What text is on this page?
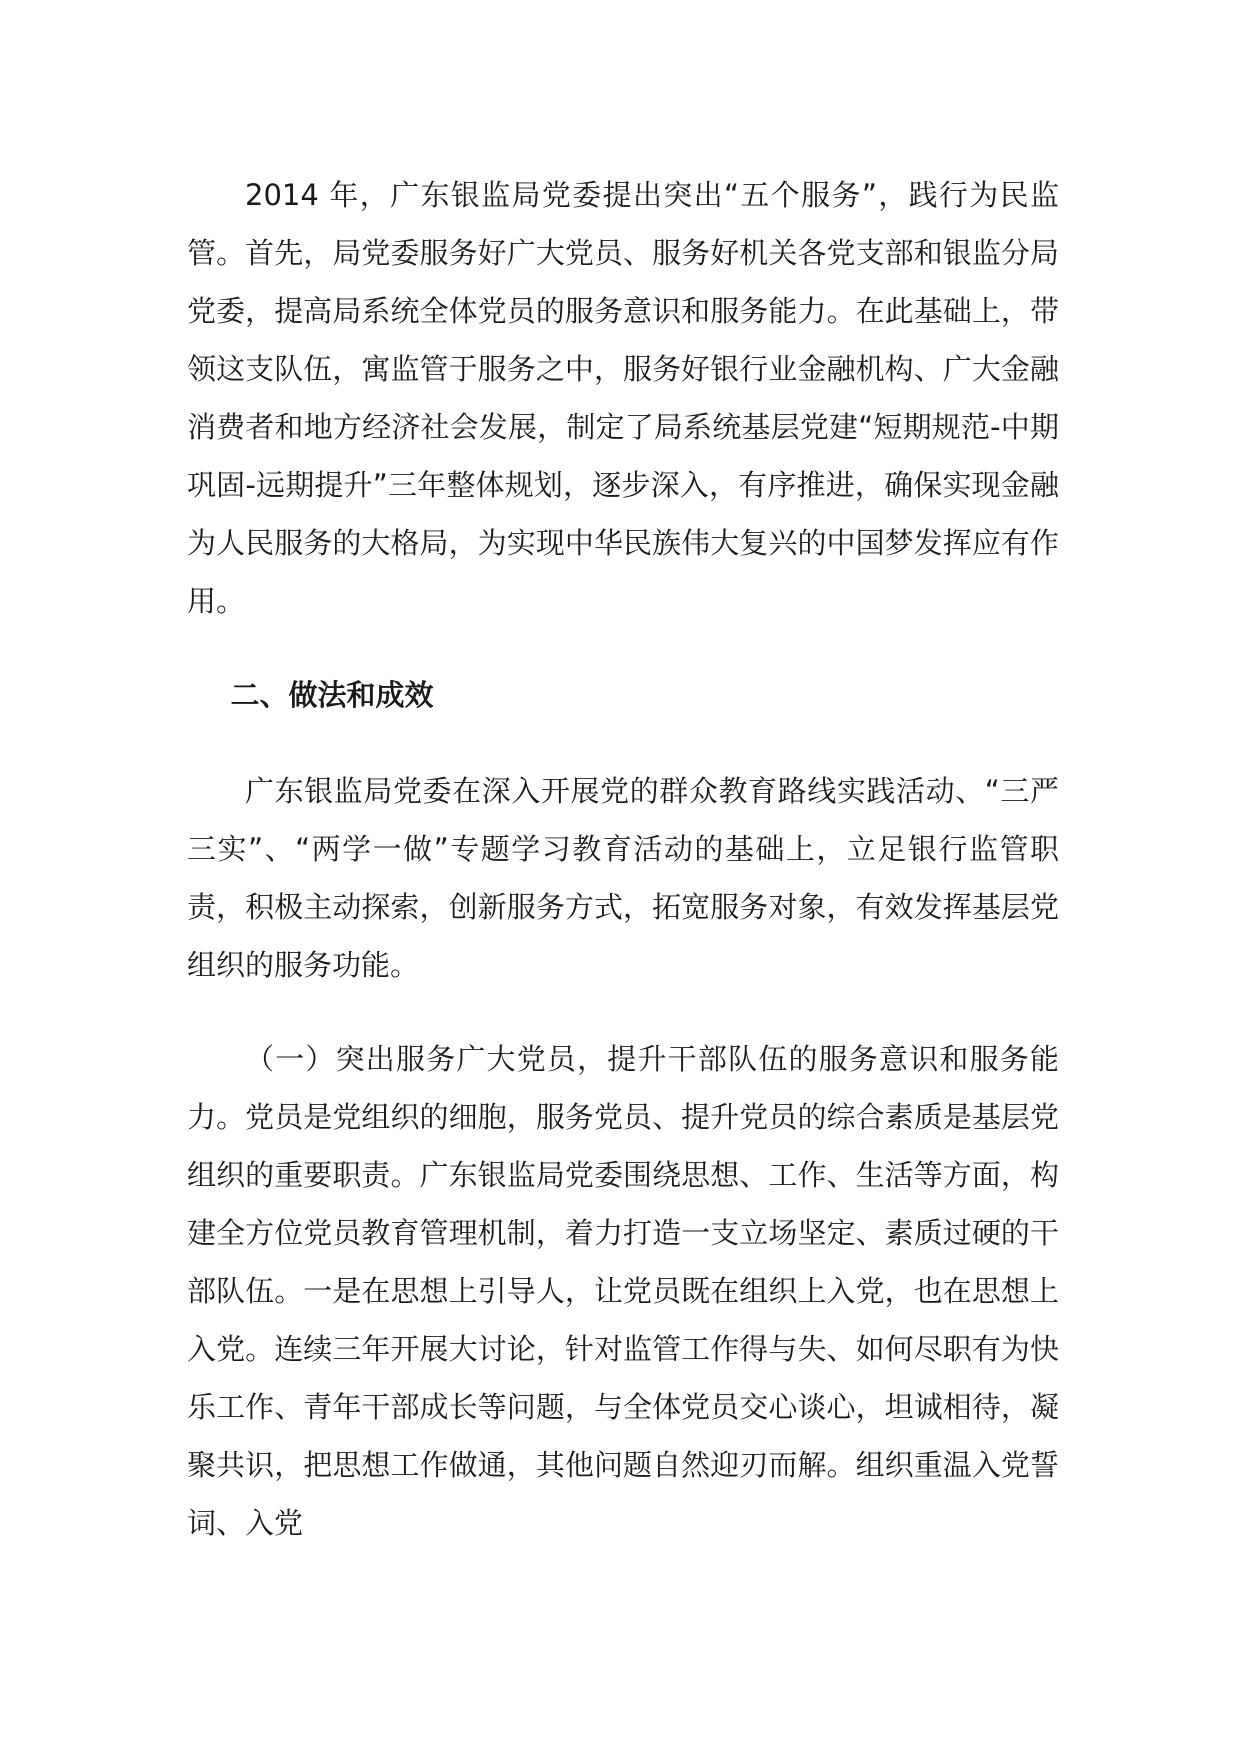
2014 年，广东银监局党委提出突出“五个服务”，践行为民监管。首先，局党委服务好广大党员、服务好机关各党支部和银监分局党委，提高局系统全体党员的服务意识和服务能力。在此基础上，带领这支队伍，寓监管于服务之中，服务好银行业金融机构、广大金融消费者和地方经济社会发展，制定了局系统基层党建“短期规范-中期巩固-远期提升”三年整体规划，逐步深入，有序推进，确保实现金融为人民服务的大格局，为实现中华民族伟大复兴的中国梦发挥应有作用。

二、做法和成效

广东银监局党委在深入开展党的群众教育路线实践活动、“三严三实”、“两学一做”专题学习教育活动的基础上，立足银行监管职责，积极主动探索，创新服务方式，拓宽服务对象，有效发挥基层党组织的服务功能。

（一）突出服务广大党员，提升干部队伍的服务意识和服务能力。党员是党组织的细胞，服务党员、提升党员的综合素质是基层党组织的重要职责。广东银监局党委围绕思想、工作、生活等方面，构建全方位党员教育管理机制，着力打造一支立场坚定、素质过硬的干部队伍。一是在思想上引导人，让党员既在组织上入党，也在思想上入党。连续三年开展大讨论，针对监管工作得与失、如何尽职有为快乐工作、青年干部成长等问题，与全体党员交心谈心，坦诚相待，凝聚共识，把思想工作做通，其他问题自然迎刃而解。组织重温入党誓词、入党
